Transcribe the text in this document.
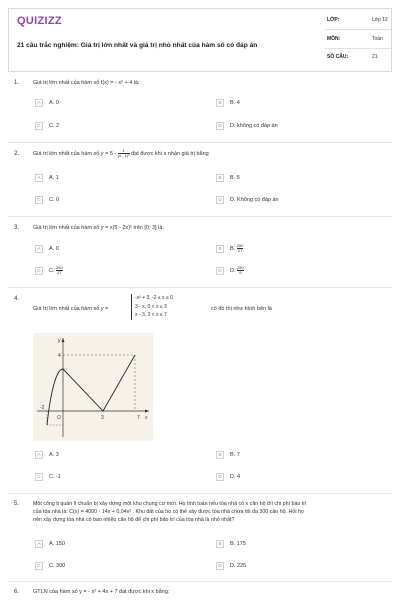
QUIZIZZ
21 câu trắc nghiệm: Giá trị lớn nhất và giá trị nhỏ nhất của hàm số có đáp án
LỚP:	Lớp 12
MÔN:	Toán
SỐ CÂU:	21
1.	Giá trị lớn nhất của hàm số f(x) = - x² + 4 là:
A	A. 0	B	B. 4
C	C. 2	D	D. không có đáp án
2.	Giá trị lớn nhất của hàm số $y = 5 - \frac{1}{\text{(x - 1)²}}$ đạt được khi x nhận giá trị bằng
A	A. 1	B	B. 5
C	C. 0	D	D. Không có đáp án
3.	Giá trị lớn nhất của hàm số y = x(5 - 2x)² trên [0; 3] là:
A	A. 0	B	B. $\frac{250}{27}$
C	C. $\frac{250}{27}$	D	D. $\frac{250}{9}$
4.
Giá trị lớn nhất của hàm số y =
-x² + 3, -2 ≤ x ≤ 0
3 - x, 0 < x ≤ 3
x - 3, 3 < x ≤ 7
có đồ thị như hình bên là
y
x
O	3
4
7
-2
A	A. 3	B	B. 7
C	C. -1	D	D. 4
5.	Một công ti quản lí chuẩn bị xây dựng một khu chung cư mới. Họ tính toán nếu tòa nhà có x căn hộ thì chi phí bảo trì
của tòa nhà là: C(x) = 4000 - 14x + 0,04x² . Khu đất của họ có thể xây được tòa nhà chứa tối đa 300 căn hộ. Hỏi họ
nên xây dựng tòa nhà có bao nhiêu căn hộ để chi phí bảo trì của tòa nhà là nhỏ nhất?
A	A. 150	B	B. 175
C	C. 300	D	D. 225
6.	GTLN của hàm số y = - x² + 4x + 7 đạt được khi x bằng:
